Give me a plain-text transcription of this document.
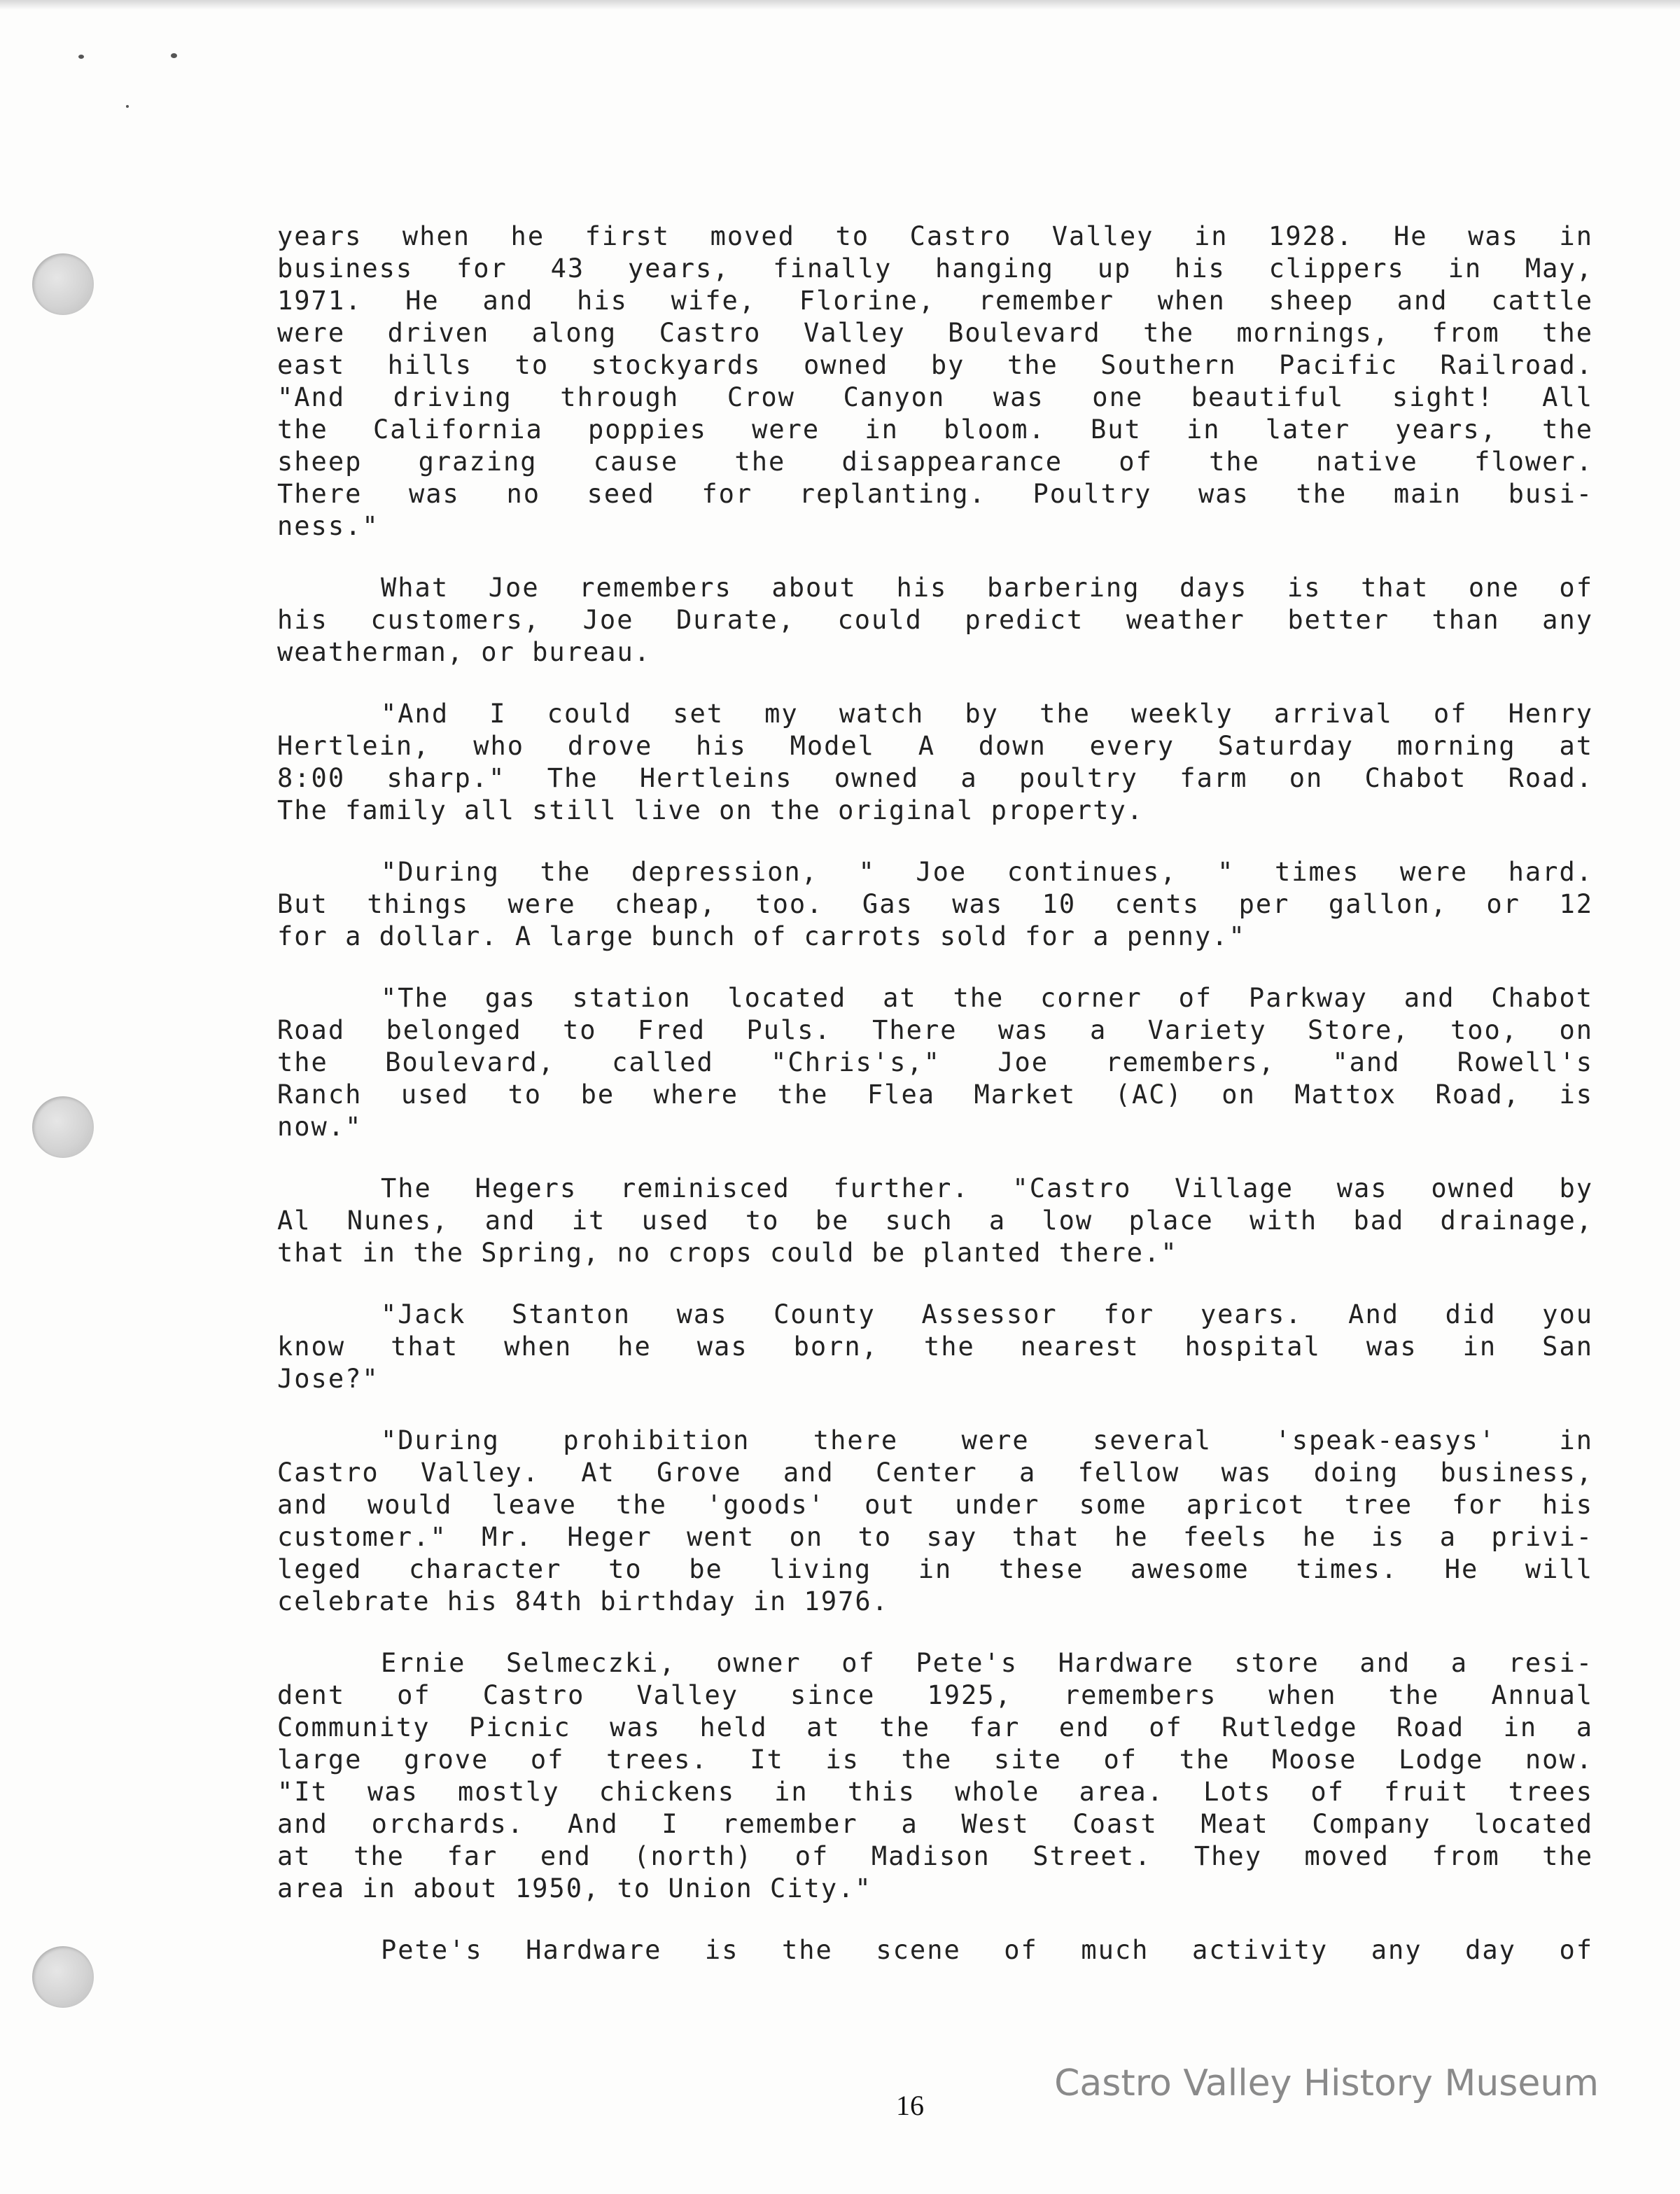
years when he first moved to Castro Valley in 1928. He was in
business for 43 years, finally hanging up his clippers in May,
1971. He and his wife, Florine, remember when sheep and cattle
were driven along Castro Valley Boulevard the mornings, from the
east hills to stockyards owned by the Southern Pacific Railroad.
"And driving through Crow Canyon was one beautiful sight! All
the California poppies were in bloom. But in later years, the
sheep grazing cause the disappearance of the native flower.
There was no seed for replanting. Poultry was the main busi-
ness."
What Joe remembers about his barbering days is that one of
his customers, Joe Durate, could predict weather better than any
weatherman, or bureau.
"And I could set my watch by the weekly arrival of Henry
Hertlein, who drove his Model A down every Saturday morning at
8:00 sharp." The Hertleins owned a poultry farm on Chabot Road.
The family all still live on the original property.
"During the depression, " Joe continues, " times were hard.
But things were cheap, too. Gas was 10 cents per gallon, or 12
for a dollar. A large bunch of carrots sold for a penny."
"The gas station located at the corner of Parkway and Chabot
Road belonged to Fred Puls. There was a Variety Store, too, on
the Boulevard, called "Chris's," Joe remembers, "and Rowell's
Ranch used to be where the Flea Market (AC) on Mattox Road, is
now."
The Hegers reminisced further. "Castro Village was owned by
Al Nunes, and it used to be such a low place with bad drainage,
that in the Spring, no crops could be planted there."
"Jack Stanton was County Assessor for years. And did you
know that when he was born, the nearest hospital was in San
Jose?"
"During prohibition there were several 'speak-easys' in
Castro Valley. At Grove and Center a fellow was doing business,
and would leave the 'goods' out under some apricot tree for his
customer." Mr. Heger went on to say that he feels he is a privi-
leged character to be living in these awesome times. He will
celebrate his 84th birthday in 1976.
Ernie Selmeczki, owner of Pete's Hardware store and a resi-
dent of Castro Valley since 1925, remembers when the Annual
Community Picnic was held at the far end of Rutledge Road in a
large grove of trees. It is the site of the Moose Lodge now.
"It was mostly chickens in this whole area. Lots of fruit trees
and orchards. And I remember a West Coast Meat Company located
at the far end (north) of Madison Street. They moved from the
area in about 1950, to Union City."
Pete's Hardware is the scene of much activity any day of
16
Castro Valley History Museum
